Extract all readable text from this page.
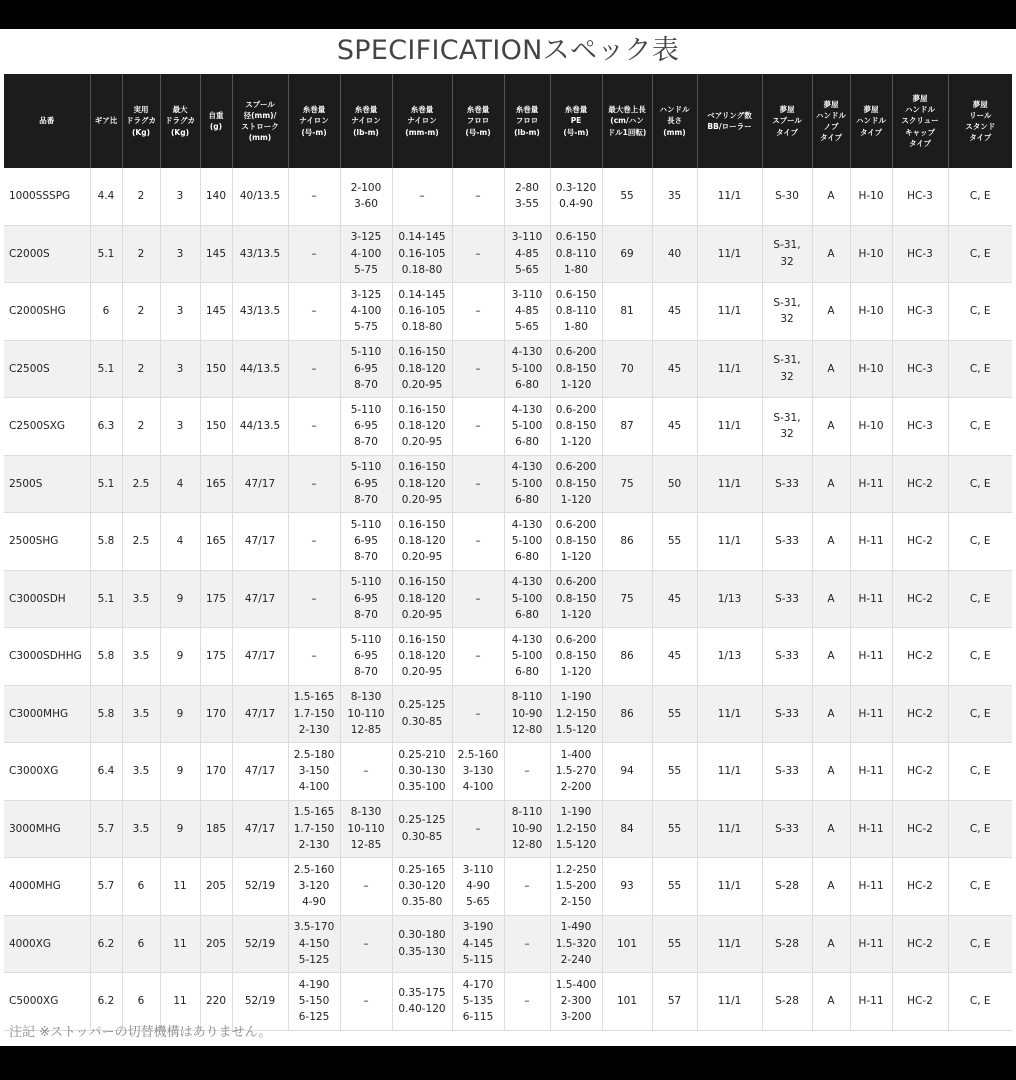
SPECIFICATIONスペック表
品番	ギア比	実用
ドラグカ
(Kg)	最大
ドラグカ
(Kg)	自重
(g)	スプール
径(mm)/
ストローク
(mm)	糸巻量
ナイロン
(号-m)	糸巻量
ナイロン
(lb-m)	糸巻量
ナイロン
(mm-m)	糸巻量
フロロ
(号-m)	糸巻量
フロロ
(lb-m)	糸巻量
PE
(号-m)	最大巻上長
(cm/ハン
ドル1回転)	ハンドル
長さ
(mm)	ベアリング数
BB/ローラー	夢屋
スプール
タイプ	夢屋
ハンドル
ノブ
タイプ	夢屋
ハンドル
タイプ	夢屋
ハンドル
スクリュー
キャップ
タイプ	夢屋
リール
スタンド
タイプ

1000SSSPG	4.4	2	3	140	40/13.5	–	2-100
3-60	–	–	2-80
3-55	0.3-120
0.4-90	55	35	11/1	S-30	A	H-10	HC-3	C, E
C2000S	5.1	2	3	145	43/13.5	–	3-125
4-100
5-75	0.14-145
0.16-105
0.18-80	–	3-110
4-85
5-65	0.6-150
0.8-110
1-80	69	40	11/1	S-31,
32	A	H-10	HC-3	C, E
C2000SHG	6	2	3	145	43/13.5	–	3-125
4-100
5-75	0.14-145
0.16-105
0.18-80	–	3-110
4-85
5-65	0.6-150
0.8-110
1-80	81	45	11/1	S-31,
32	A	H-10	HC-3	C, E
C2500S	5.1	2	3	150	44/13.5	–	5-110
6-95
8-70	0.16-150
0.18-120
0.20-95	–	4-130
5-100
6-80	0.6-200
0.8-150
1-120	70	45	11/1	S-31,
32	A	H-10	HC-3	C, E
C2500SXG	6.3	2	3	150	44/13.5	–	5-110
6-95
8-70	0.16-150
0.18-120
0.20-95	–	4-130
5-100
6-80	0.6-200
0.8-150
1-120	87	45	11/1	S-31,
32	A	H-10	HC-3	C, E
2500S	5.1	2.5	4	165	47/17	–	5-110
6-95
8-70	0.16-150
0.18-120
0.20-95	–	4-130
5-100
6-80	0.6-200
0.8-150
1-120	75	50	11/1	S-33	A	H-11	HC-2	C, E
2500SHG	5.8	2.5	4	165	47/17	–	5-110
6-95
8-70	0.16-150
0.18-120
0.20-95	–	4-130
5-100
6-80	0.6-200
0.8-150
1-120	86	55	11/1	S-33	A	H-11	HC-2	C, E
C3000SDH	5.1	3.5	9	175	47/17	–	5-110
6-95
8-70	0.16-150
0.18-120
0.20-95	–	4-130
5-100
6-80	0.6-200
0.8-150
1-120	75	45	1/13	S-33	A	H-11	HC-2	C, E
C3000SDHHG	5.8	3.5	9	175	47/17	–	5-110
6-95
8-70	0.16-150
0.18-120
0.20-95	–	4-130
5-100
6-80	0.6-200
0.8-150
1-120	86	45	1/13	S-33	A	H-11	HC-2	C, E
C3000MHG	5.8	3.5	9	170	47/17	1.5-165
1.7-150
2-130	8-130
10-110
12-85	0.25-125
0.30-85	–	8-110
10-90
12-80	1-190
1.2-150
1.5-120	86	55	11/1	S-33	A	H-11	HC-2	C, E
C3000XG	6.4	3.5	9	170	47/17	2.5-180
3-150
4-100	–	0.25-210
0.30-130
0.35-100	2.5-160
3-130
4-100	–	1-400
1.5-270
2-200	94	55	11/1	S-33	A	H-11	HC-2	C, E
3000MHG	5.7	3.5	9	185	47/17	1.5-165
1.7-150
2-130	8-130
10-110
12-85	0.25-125
0.30-85	–	8-110
10-90
12-80	1-190
1.2-150
1.5-120	84	55	11/1	S-33	A	H-11	HC-2	C, E
4000MHG	5.7	6	11	205	52/19	2.5-160
3-120
4-90	–	0.25-165
0.30-120
0.35-80	3-110
4-90
5-65	–	1.2-250
1.5-200
2-150	93	55	11/1	S-28	A	H-11	HC-2	C, E
4000XG	6.2	6	11	205	52/19	3.5-170
4-150
5-125	–	0.30-180
0.35-130	3-190
4-145
5-115	–	1-490
1.5-320
2-240	101	55	11/1	S-28	A	H-11	HC-2	C, E
C5000XG	6.2	6	11	220	52/19	4-190
5-150
6-125	–	0.35-175
0.40-120	4-170
5-135
6-115	–	1.5-400
2-300
3-200	101	57	11/1	S-28	A	H-11	HC-2	C, E
注記 ※ストッパーの切替機構はありません。
